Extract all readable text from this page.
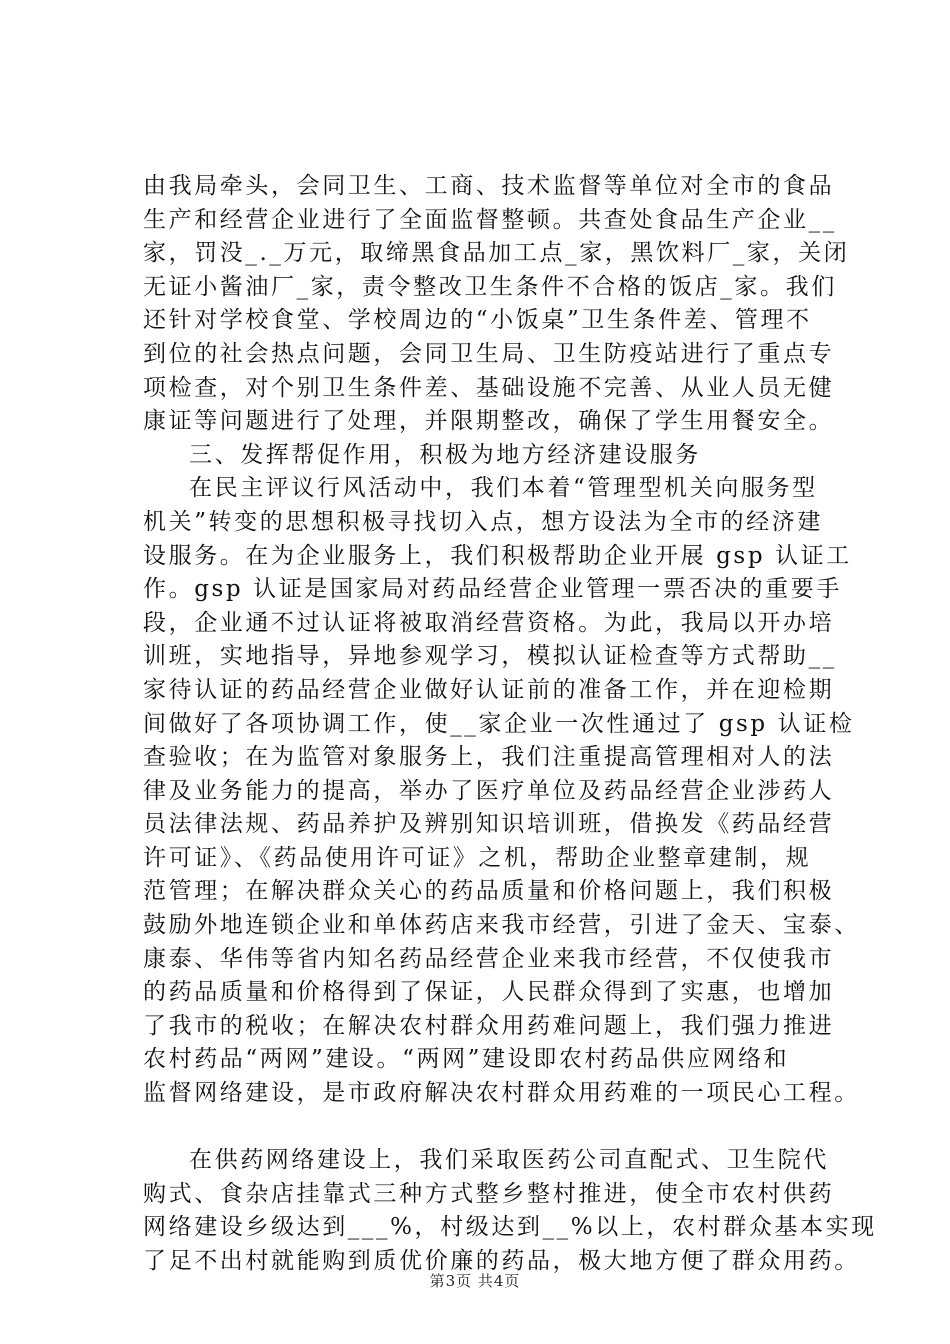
由我局牵头，会同卫生、工商、技术监督等单位对全市的食品
生产和经营企业进行了全面监督整顿。共查处食品生产企业__
家，罚没_._万元，取缔黑食品加工点_家，黑饮料厂_家，关闭
无证小酱油厂_家，责令整改卫生条件不合格的饭店_家。我们
还针对学校食堂、学校周边的“小饭桌”卫生条件差、管理不
到位的社会热点问题，会同卫生局、卫生防疫站进行了重点专
项检查，对个别卫生条件差、基础设施不完善、从业人员无健
康证等问题进行了处理，并限期整改，确保了学生用餐安全。
三、发挥帮促作用，积极为地方经济建设服务
在民主评议行风活动中，我们本着“管理型机关向服务型
机关”转变的思想积极寻找切入点，想方设法为全市的经济建
设服务。在为企业服务上，我们积极帮助企业开展 gsp 认证工
作。gsp 认证是国家局对药品经营企业管理一票否决的重要手
段，企业通不过认证将被取消经营资格。为此，我局以开办培
训班，实地指导，异地参观学习，模拟认证检查等方式帮助__
家待认证的药品经营企业做好认证前的准备工作，并在迎检期
间做好了各项协调工作，使__家企业一次性通过了 gsp 认证检
查验收；在为监管对象服务上，我们注重提高管理相对人的法
律及业务能力的提高，举办了医疗单位及药品经营企业涉药人
员法律法规、药品养护及辨别知识培训班，借换发《药品经营
许可证》、《药品使用许可证》之机，帮助企业整章建制，规
范管理；在解决群众关心的药品质量和价格问题上，我们积极
鼓励外地连锁企业和单体药店来我市经营，引进了金天、宝泰、
康泰、华伟等省内知名药品经营企业来我市经营，不仅使我市
的药品质量和价格得到了保证，人民群众得到了实惠，也增加
了我市的税收；在解决农村群众用药难问题上，我们强力推进
农村药品“两网”建设。“两网”建设即农村药品供应网络和
监督网络建设，是市政府解决农村群众用药难的一项民心工程。
在供药网络建设上，我们采取医药公司直配式、卫生院代
购式、食杂店挂靠式三种方式整乡整村推进，使全市农村供药
网络建设乡级达到___%，村级达到__%以上，农村群众基本实现
了足不出村就能购到质优价廉的药品，极大地方便了群众用药。
第3页 共4页
